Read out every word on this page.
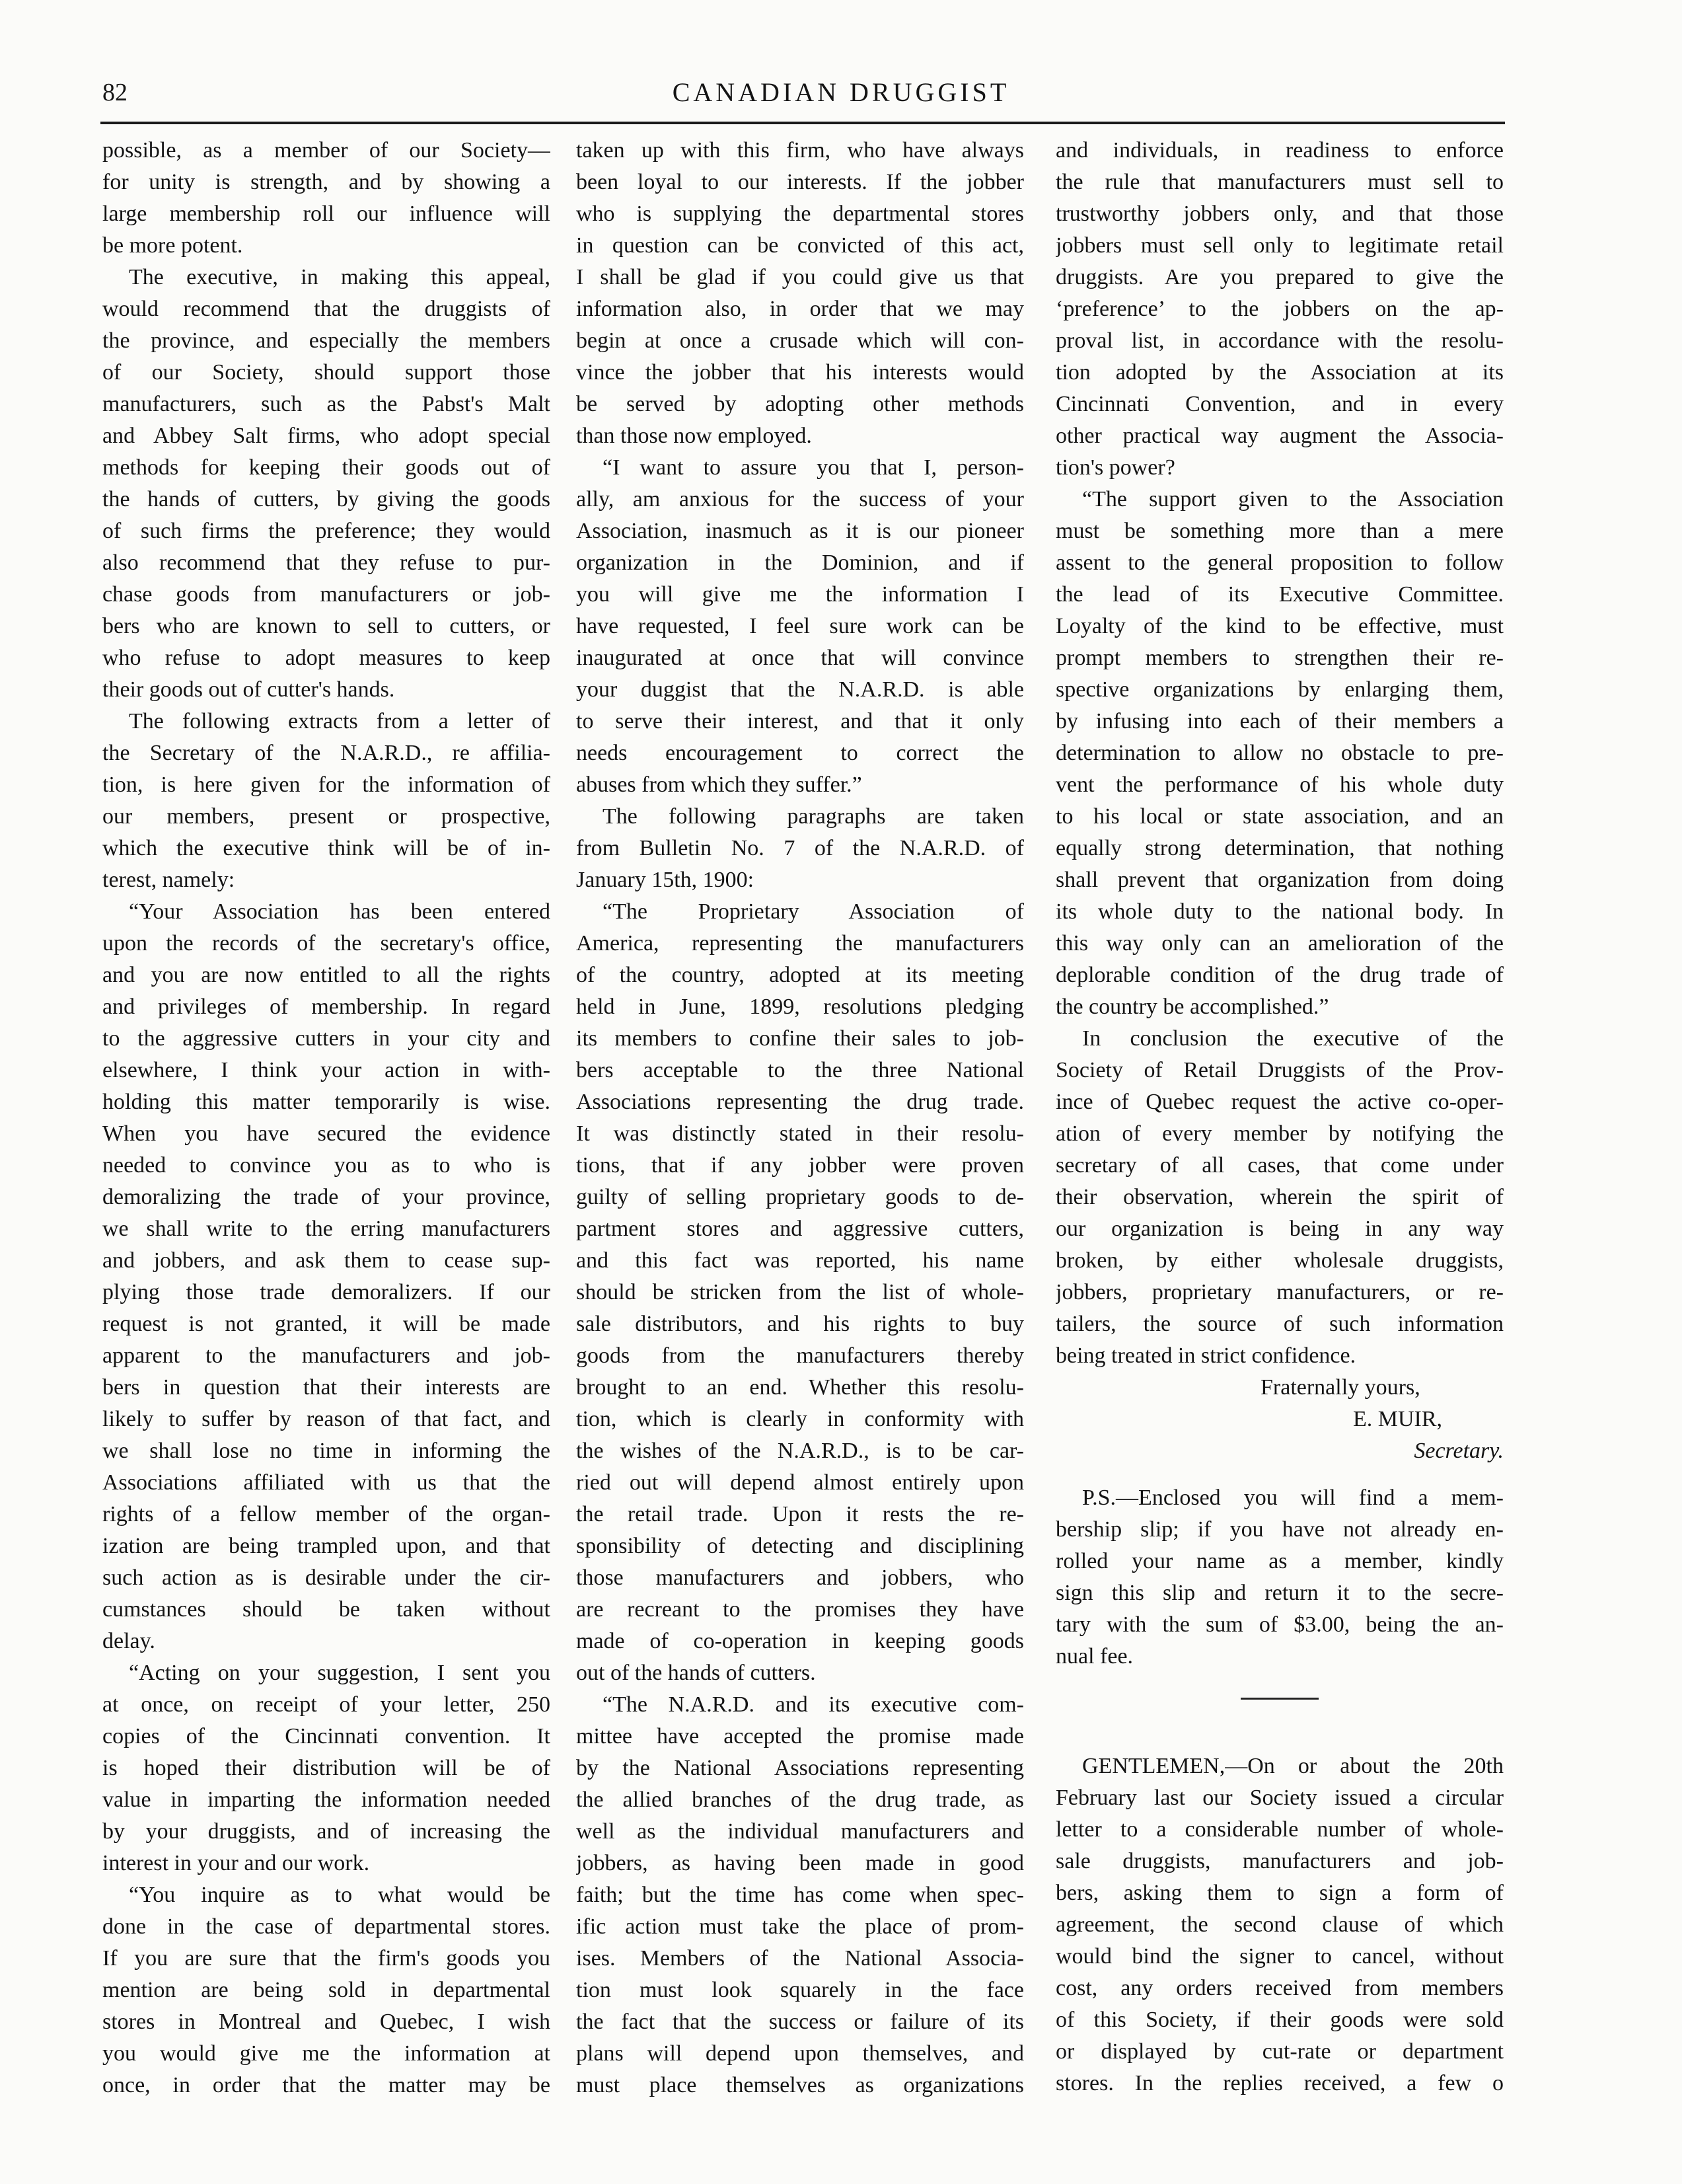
82	CANADIAN DRUGGIST
possible, as a member of our Society—
for unity is strength, and by showing a
large membership roll our influence will
be more potent.
The executive, in making this appeal,
would recommend that the druggists of
the province, and especially the members
of our Society, should support those
manufacturers, such as the Pabst's Malt
and Abbey Salt firms, who adopt special
methods for keeping their goods out of
the hands of cutters, by giving the goods
of such firms the preference; they would
also recommend that they refuse to pur-
chase goods from manufacturers or job-
bers who are known to sell to cutters, or
who refuse to adopt measures to keep
their goods out of cutter's hands.
The following extracts from a letter of
the Secretary of the N.A.R.D., re affilia-
tion, is here given for the information of
our members, present or prospective,
which the executive think will be of in-
terest, namely:
“Your Association has been entered
upon the records of the secretary's office,
and you are now entitled to all the rights
and privileges of membership. In regard
to the aggressive cutters in your city and
elsewhere, I think your action in with-
holding this matter temporarily is wise.
When you have secured the evidence
needed to convince you as to who is
demoralizing the trade of your province,
we shall write to the erring manufacturers
and jobbers, and ask them to cease sup-
plying those trade demoralizers. If our
request is not granted, it will be made
apparent to the manufacturers and job-
bers in question that their interests are
likely to suffer by reason of that fact, and
we shall lose no time in informing the
Associations affiliated with us that the
rights of a fellow member of the organ-
ization are being trampled upon, and that
such action as is desirable under the cir-
cumstances should be taken without
delay.
“Acting on your suggestion, I sent you
at once, on receipt of your letter, 250
copies of the Cincinnati convention. It
is hoped their distribution will be of
value in imparting the information needed
by your druggists, and of increasing the
interest in your and our work.
“You inquire as to what would be
done in the case of departmental stores.
If you are sure that the firm's goods you
mention are being sold in departmental
stores in Montreal and Quebec, I wish
you would give me the information at
once, in order that the matter may be
taken up with this firm, who have always
been loyal to our interests. If the jobber
who is supplying the departmental stores
in question can be convicted of this act,
I shall be glad if you could give us that
information also, in order that we may
begin at once a crusade which will con-
vince the jobber that his interests would
be served by adopting other methods
than those now employed.
“I want to assure you that I, person-
ally, am anxious for the success of your
Association, inasmuch as it is our pioneer
organization in the Dominion, and if
you will give me the information I
have requested, I feel sure work can be
inaugurated at once that will convince
your duggist that the N.A.R.D. is able
to serve their interest, and that it only
needs encouragement to correct the
abuses from which they suffer.”
The following paragraphs are taken
from Bulletin No. 7 of the N.A.R.D. of
January 15th, 1900:
“The Proprietary Association of
America, representing the manufacturers
of the country, adopted at its meeting
held in June, 1899, resolutions pledging
its members to confine their sales to job-
bers acceptable to the three National
Associations representing the drug trade.
It was distinctly stated in their resolu-
tions, that if any jobber were proven
guilty of selling proprietary goods to de-
partment stores and aggressive cutters,
and this fact was reported, his name
should be stricken from the list of whole-
sale distributors, and his rights to buy
goods from the manufacturers thereby
brought to an end. Whether this resolu-
tion, which is clearly in conformity with
the wishes of the N.A.R.D., is to be car-
ried out will depend almost entirely upon
the retail trade. Upon it rests the re-
sponsibility of detecting and disciplining
those manufacturers and jobbers, who
are recreant to the promises they have
made of co-operation in keeping goods
out of the hands of cutters.
“The N.A.R.D. and its executive com-
mittee have accepted the promise made
by the National Associations representing
the allied branches of the drug trade, as
well as the individual manufacturers and
jobbers, as having been made in good
faith; but the time has come when spec-
ific action must take the place of prom-
ises. Members of the National Associa-
tion must look squarely in the face
the fact that the success or failure of its
plans will depend upon themselves, and
must place themselves as organizations
and individuals, in readiness to enforce
the rule that manufacturers must sell to
trustworthy jobbers only, and that those
jobbers must sell only to legitimate retail
druggists. Are you prepared to give the
‘preference’ to the jobbers on the ap-
proval list, in accordance with the resolu-
tion adopted by the Association at its
Cincinnati Convention, and in every
other practical way augment the Associa-
tion's power?
“The support given to the Association
must be something more than a mere
assent to the general proposition to follow
the lead of its Executive Committee.
Loyalty of the kind to be effective, must
prompt members to strengthen their re-
spective organizations by enlarging them,
by infusing into each of their members a
determination to allow no obstacle to pre-
vent the performance of his whole duty
to his local or state association, and an
equally strong determination, that nothing
shall prevent that organization from doing
its whole duty to the national body. In
this way only can an amelioration of the
deplorable condition of the drug trade of
the country be accomplished.”
In conclusion the executive of the
Society of Retail Druggists of the Prov-
ince of Quebec request the active co-oper-
ation of every member by notifying the
secretary of all cases, that come under
their observation, wherein the spirit of
our organization is being in any way
broken, by either wholesale druggists,
jobbers, proprietary manufacturers, or re-
tailers, the source of such information
being treated in strict confidence.
Fraternally yours,
E. MUIR,
Secretary.
P.S.—Enclosed you will find a mem-
bership slip; if you have not already en-
rolled your name as a member, kindly
sign this slip and return it to the secre-
tary with the sum of $3.00, being the an-
nual fee.
GENTLEMEN,—On or about the 20th
February last our Society issued a circular
letter to a considerable number of whole-
sale druggists, manufacturers and job-
bers, asking them to sign a form of
agreement, the second clause of which
would bind the signer to cancel, without
cost, any orders received from members
of this Society, if their goods were sold
or displayed by cut-rate or department
stores. In the replies received, a few o
